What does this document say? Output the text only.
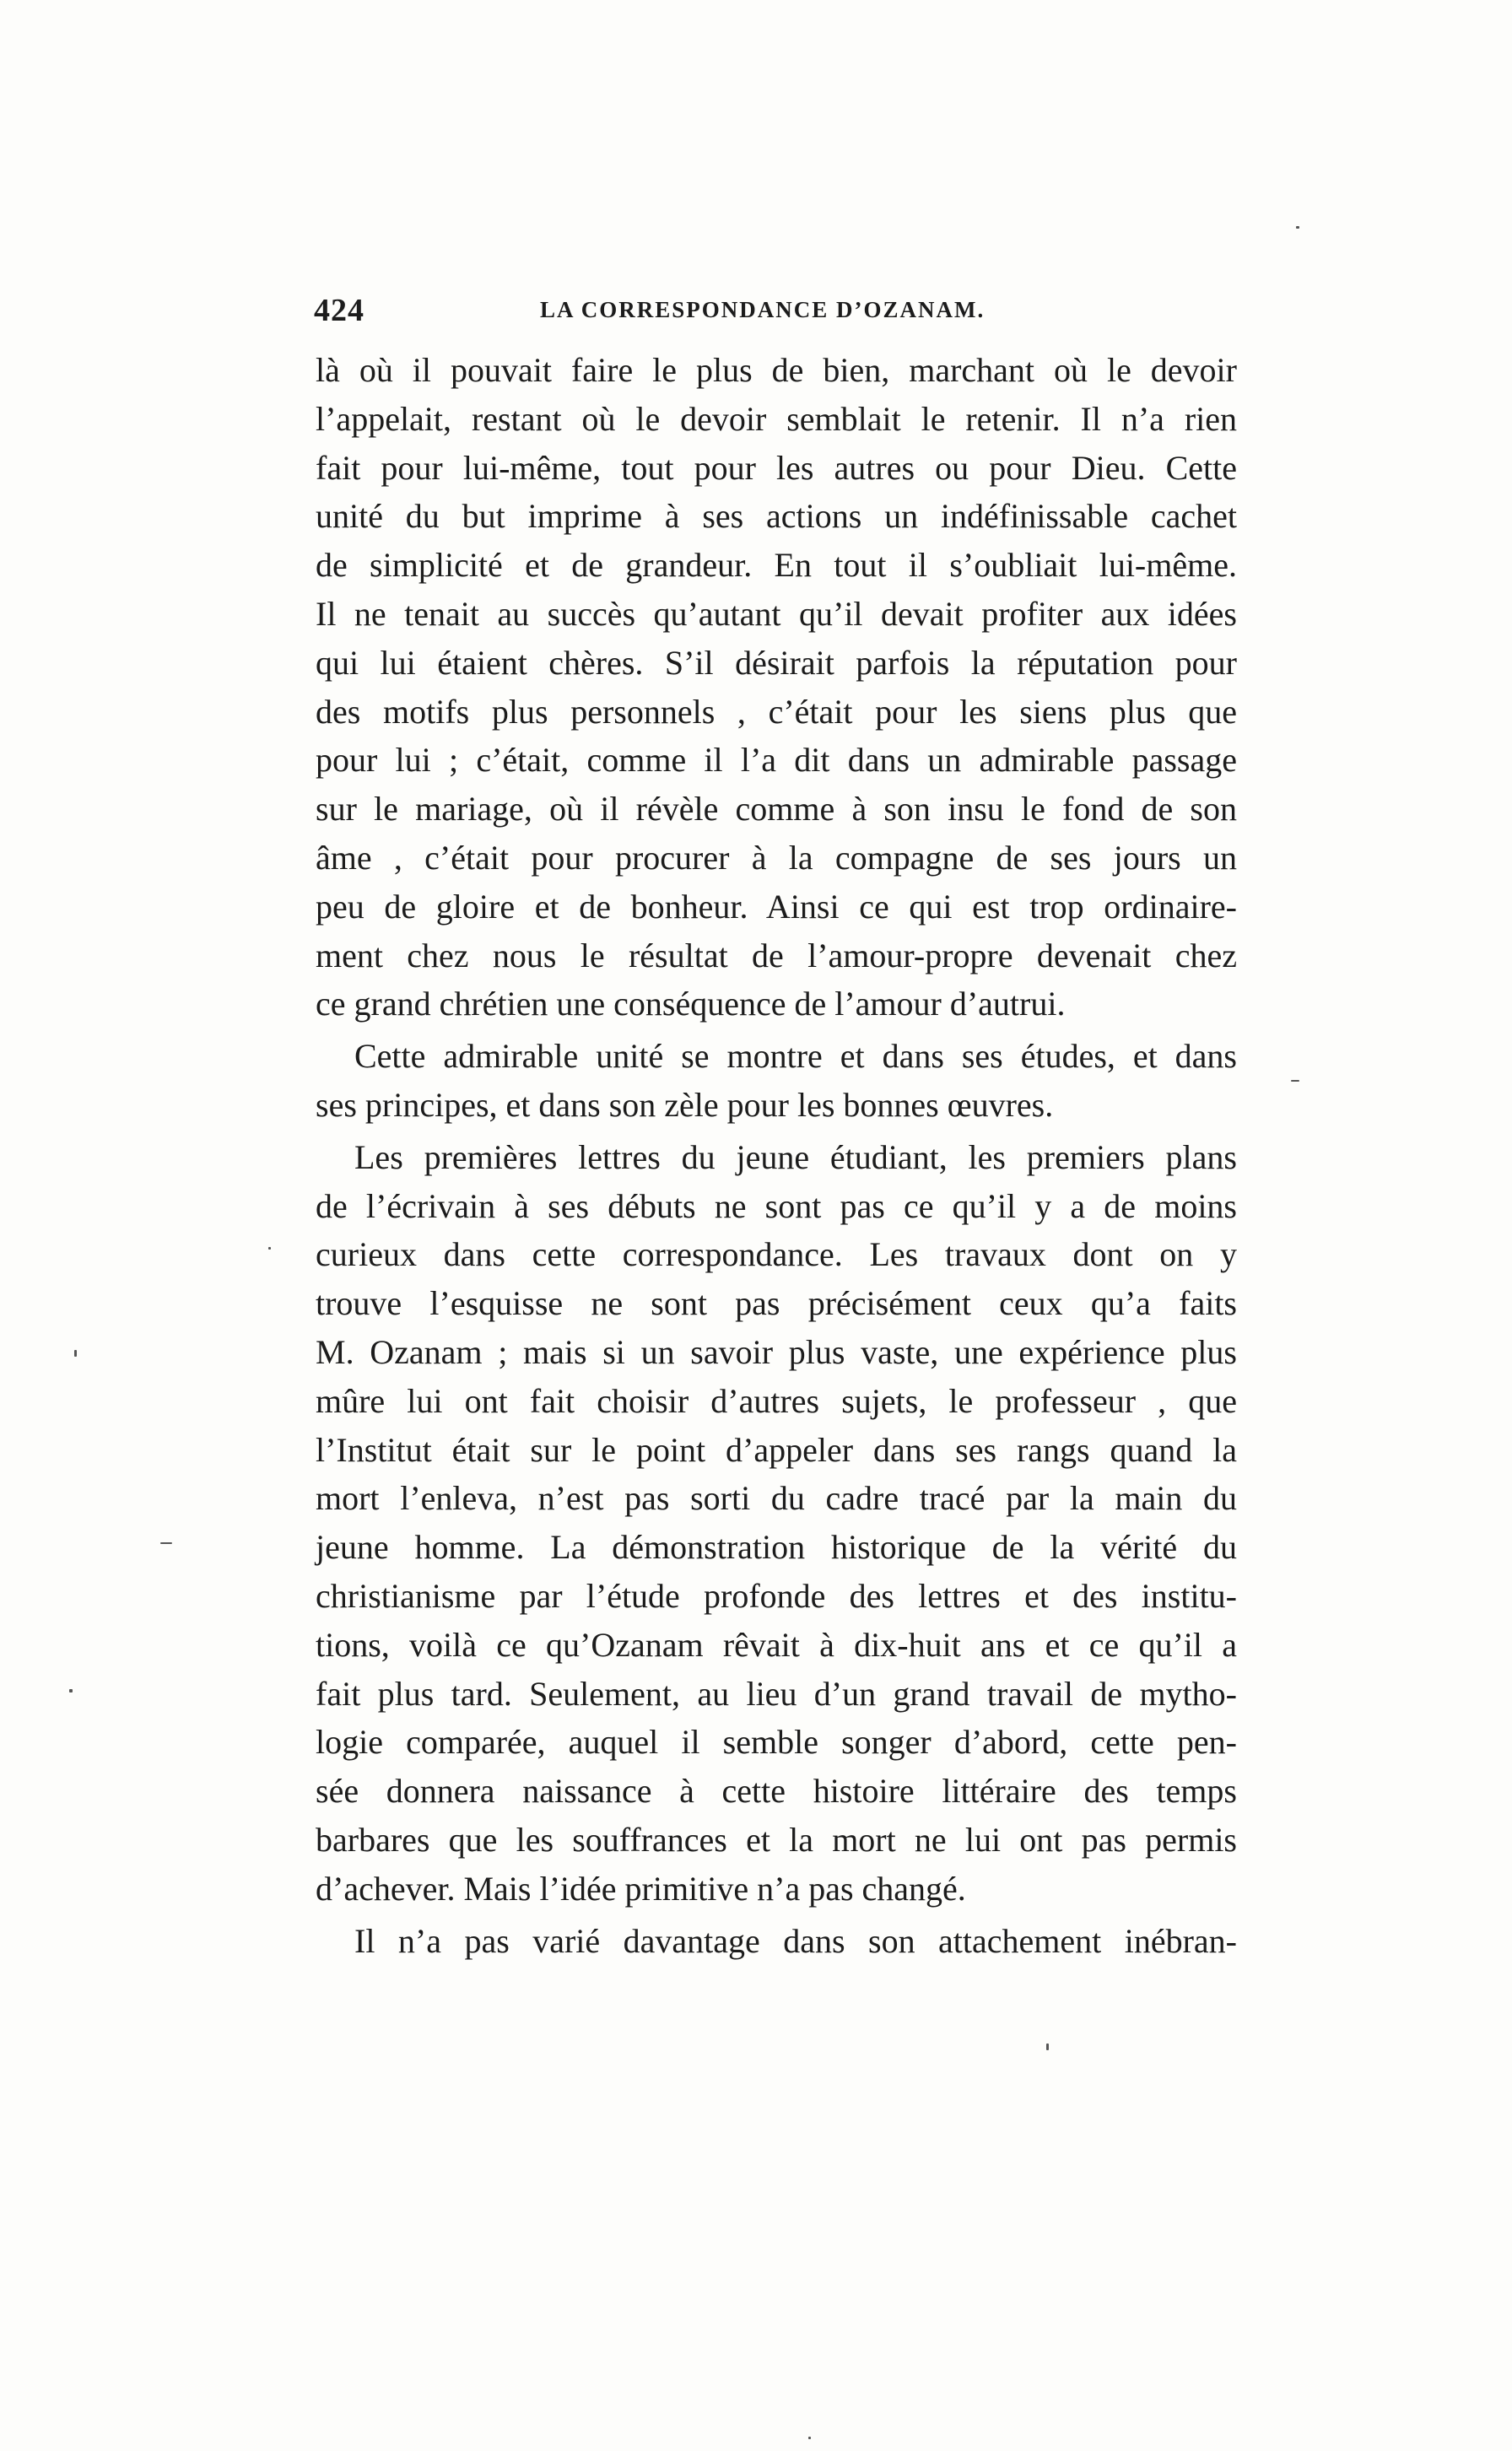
424	LA CORRESPONDANCE D’OZANAM.
là où il pouvait faire le plus de bien, marchant où le devoir
l’appelait, restant où le devoir semblait le retenir. Il n’a rien
fait pour lui-même, tout pour les autres ou pour Dieu. Cette
unité du but imprime à ses actions un indéfinissable cachet
de simplicité et de grandeur. En tout il s’oubliait lui-même.
Il ne tenait au succès qu’autant qu’il devait profiter aux idées
qui lui étaient chères. S’il désirait parfois la réputation pour
des motifs plus personnels , c’était pour les siens plus que
pour lui ; c’était, comme il l’a dit dans un admirable passage
sur le mariage, où il révèle comme à son insu le fond de son
âme , c’était pour procurer à la compagne de ses jours un
peu de gloire et de bonheur. Ainsi ce qui est trop ordinaire-
ment chez nous le résultat de l’amour-propre devenait chez
ce grand chrétien une conséquence de l’amour d’autrui.
Cette admirable unité se montre et dans ses études, et dans
ses principes, et dans son zèle pour les bonnes œuvres.
Les premières lettres du jeune étudiant, les premiers plans
de l’écrivain à ses débuts ne sont pas ce qu’il y a de moins
curieux dans cette correspondance. Les travaux dont on y
trouve l’esquisse ne sont pas précisément ceux qu’a faits
M. Ozanam ; mais si un savoir plus vaste, une expérience plus
mûre lui ont fait choisir d’autres sujets, le professeur , que
l’Institut était sur le point d’appeler dans ses rangs quand la
mort l’enleva, n’est pas sorti du cadre tracé par la main du
jeune homme. La démonstration historique de la vérité du
christianisme par l’étude profonde des lettres et des institu-
tions, voilà ce qu’Ozanam rêvait à dix-huit ans et ce qu’il a
fait plus tard. Seulement, au lieu d’un grand travail de mytho-
logie comparée, auquel il semble songer d’abord, cette pen-
sée donnera naissance à cette histoire littéraire des temps
barbares que les souffrances et la mort ne lui ont pas permis
d’achever. Mais l’idée primitive n’a pas changé.
Il n’a pas varié davantage dans son attachement inébran-
